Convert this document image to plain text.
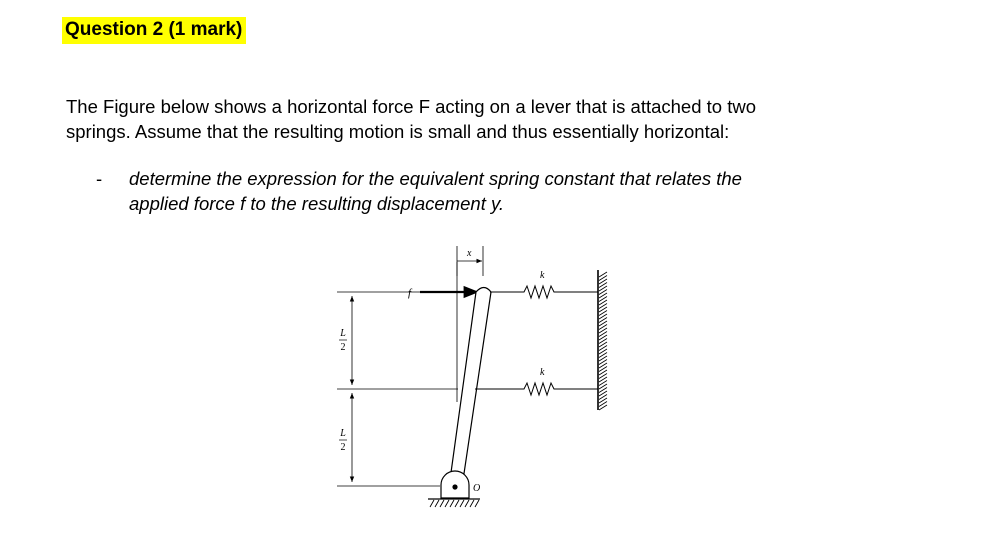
Question 2 (1 mark)

The Figure below shows a horizontal force F acting on a lever that is attached to two
springs. Assume that the resulting motion is small and thus essentially horizontal:

- determine the expression for the equivalent spring constant that relates the
applied force f to the resulting displacement y.
L
2
L
2
x
f
O
k
k
